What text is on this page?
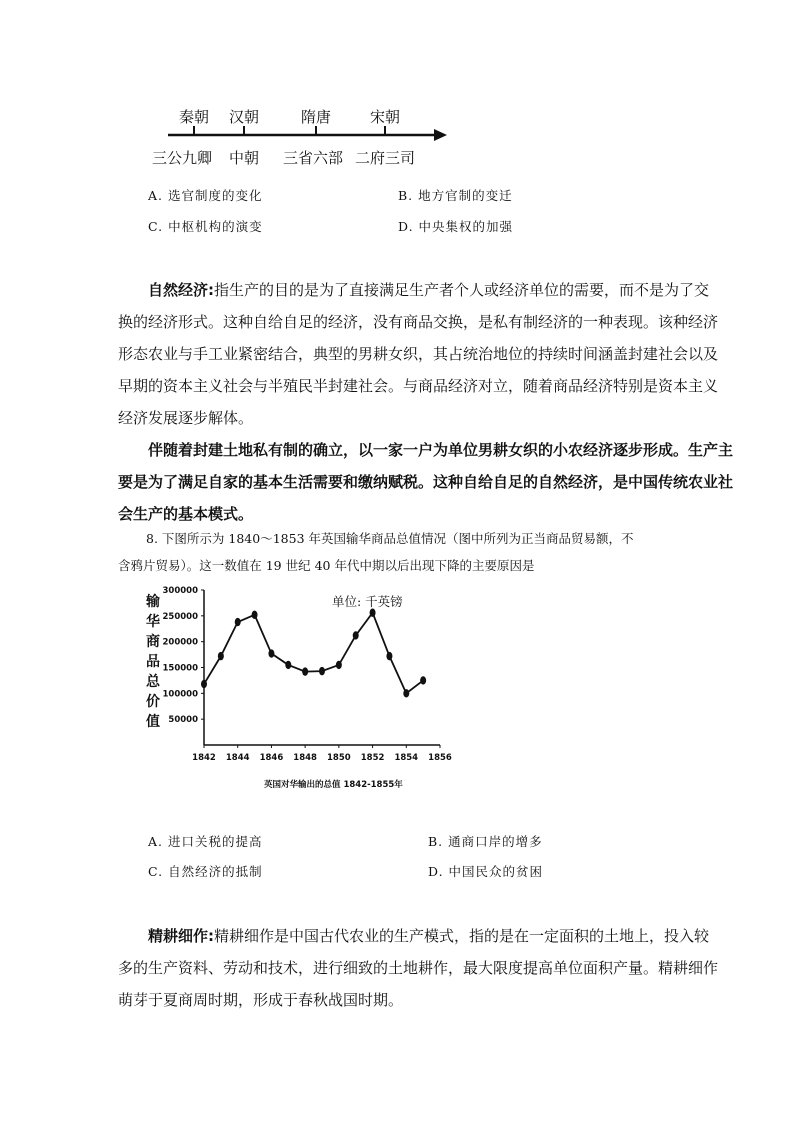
秦朝 汉朝	隋唐	宋朝
三公九卿 中朝 三省六部 二府三司
A. 选官制度的变化	B. 地方官制的变迁
C. 中枢机构的演变	D. 中央集权的加强
自然经济:指生产的目的是为了直接满足生产者个人或经济单位的需要，而不是为了交
换的经济形式。这种自给自足的经济，没有商品交换，是私有制经济的一种表现。该种经济
形态农业与手工业紧密结合，典型的男耕女织，其占统治地位的持续时间涵盖封建社会以及
早期的资本主义社会与半殖民半封建社会。与商品经济对立，随着商品经济特别是资本主义
经济发展逐步解体。
伴随着封建土地私有制的确立，以一家一户为单位男耕女织的小农经济逐步形成。生产主
要是为了满足自家的基本生活需要和缴纳赋税。这种自给自足的自然经济，是中国传统农业社
会生产的基本模式。
8. 下图所示为 1840～1853 年英国输华商品总值情况（图中所列为正当商品贸易额，不
含鸦片贸易）。这一数值在 19 世纪 40 年代中期以后出现下降的主要原因是
300000
250000
200000
150000
100000
50000
1842 1844 1846 1848 1850 1852 1854 1856
输
华
商
品
总
价
值
单位: 千英镑
英国对华输出的总值 1842-1855年
A. 进口关税的提高	B. 通商口岸的增多
C. 自然经济的抵制	D. 中国民众的贫困
精耕细作:精耕细作是中国古代农业的生产模式，指的是在一定面积的土地上，投入较
多的生产资料、劳动和技术，进行细致的土地耕作，最大限度提高单位面积产量。精耕细作
萌芽于夏商周时期，形成于春秋战国时期。
